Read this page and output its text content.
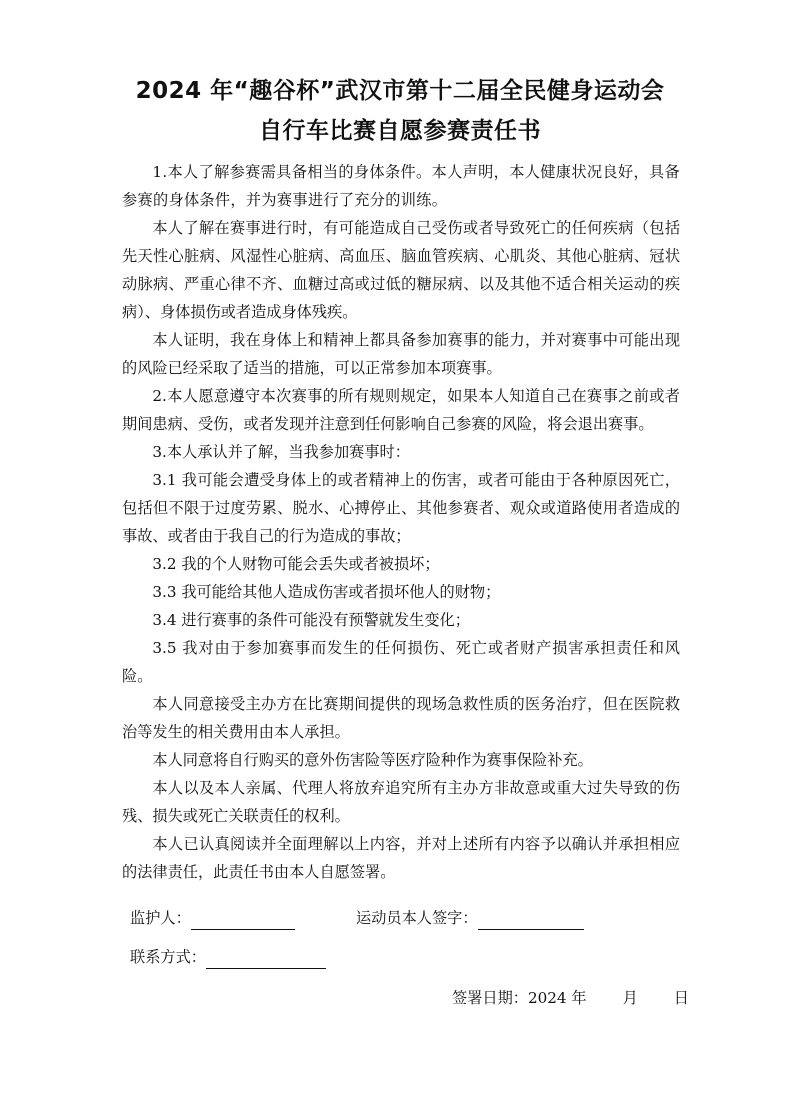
2024 年“趣谷杯”武汉市第十二届全民健身运动会
自行车比赛自愿参赛责任书

1.本人了解参赛需具备相当的身体条件。本人声明，本人健康状况良好，具备参赛的身体条件，并为赛事进行了充分的训练。

本人了解在赛事进行时，有可能造成自己受伤或者导致死亡的任何疾病（包括先天性心脏病、风湿性心脏病、高血压、脑血管疾病、心肌炎、其他心脏病、冠状动脉病、严重心律不齐、血糖过高或过低的糖尿病、以及其他不适合相关运动的疾病）、身体损伤或者造成身体残疾。

本人证明，我在身体上和精神上都具备参加赛事的能力，并对赛事中可能出现的风险已经采取了适当的措施，可以正常参加本项赛事。

2.本人愿意遵守本次赛事的所有规则规定，如果本人知道自己在赛事之前或者期间患病、受伤，或者发现并注意到任何影响自己参赛的风险，将会退出赛事。

3.本人承认并了解，当我参加赛事时：

3.1 我可能会遭受身体上的或者精神上的伤害，或者可能由于各种原因死亡，包括但不限于过度劳累、脱水、心搏停止、其他参赛者、观众或道路使用者造成的事故、或者由于我自己的行为造成的事故；

3.2 我的个人财物可能会丢失或者被损坏；

3.3 我可能给其他人造成伤害或者损坏他人的财物；

3.4 进行赛事的条件可能没有预警就发生变化；

3.5 我对由于参加赛事而发生的任何损伤、死亡或者财产损害承担责任和风险。

本人同意接受主办方在比赛期间提供的现场急救性质的医务治疗，但在医院救治等发生的相关费用由本人承担。

本人同意将自行购买的意外伤害险等医疗险种作为赛事保险补充。

本人以及本人亲属、代理人将放弃追究所有主办方非故意或重大过失导致的伤残、损失或死亡关联责任的权利。

本人已认真阅读并全面理解以上内容，并对上述所有内容予以确认并承担相应的法律责任，此责任书由本人自愿签署。

监护人：	运动员本人签字：
联系方式：
签署日期：2024 年 月 日
